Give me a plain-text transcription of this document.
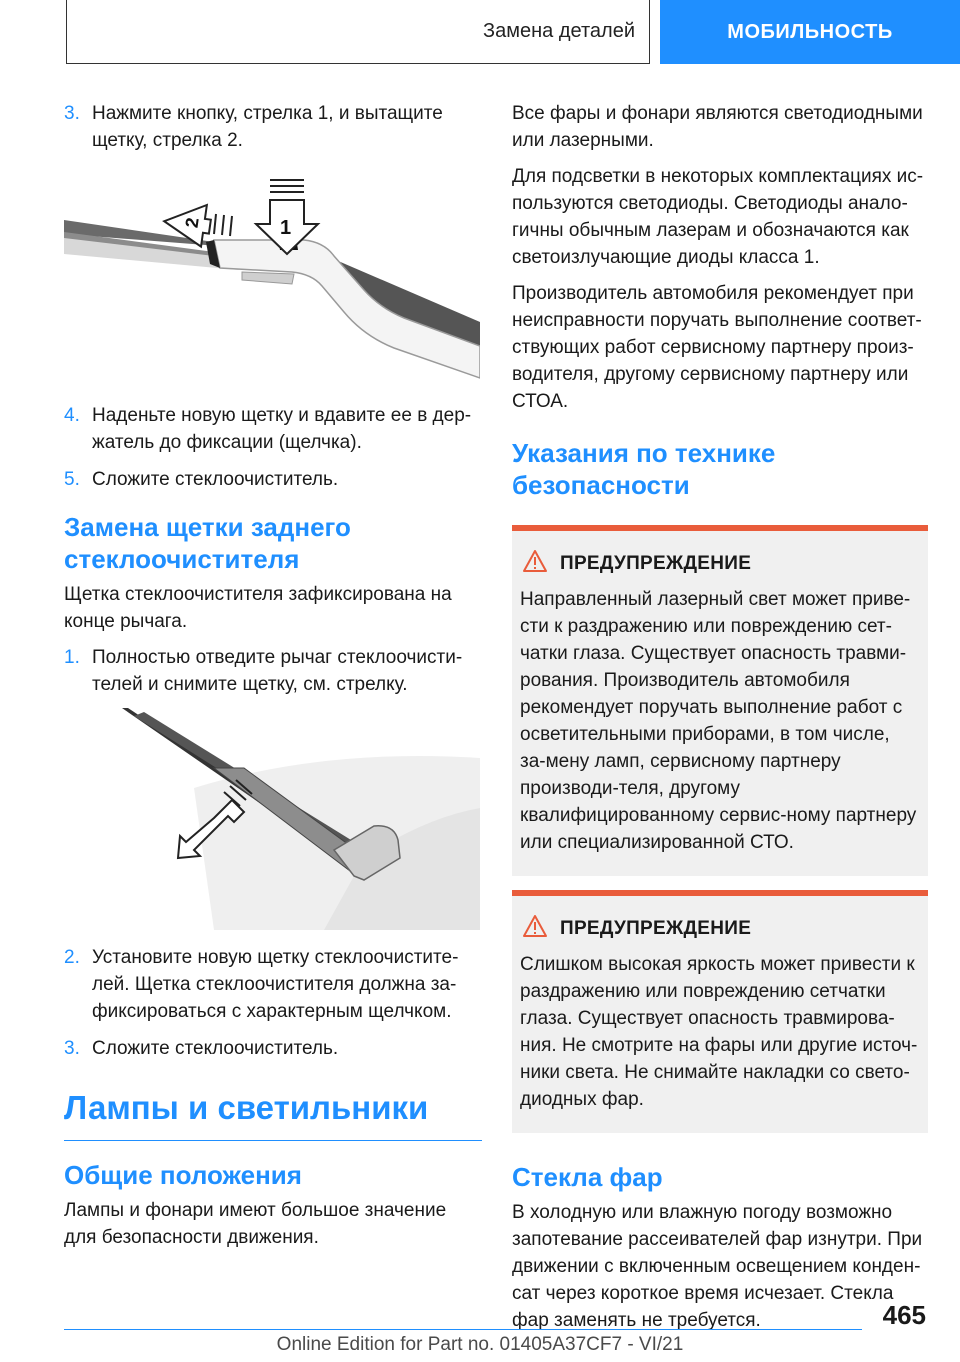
Замена деталей	МОБИЛЬНОСТЬ
3. Нажмите кнопку, стрелка 1, и вытащите щетку, стрелка 2.
1
2
4. Наденьте новую щетку и вдавите ее в дер‐жатель до фиксации (щелчка).
5. Сложите стеклоочиститель.
Замена щетки заднего стеклоочистителя

Щетка стеклоочистителя зафиксирована на конце рычага.

1. Полностью отведите рычаг стеклоочисти‐телей и снимите щетку, см. стрелку.
2. Установите новую щетку стеклоочистите‐лей. Щетка стеклоочистителя должна за‐фиксироваться с характерным щелчком.
3. Сложите стеклоочиститель.
Лампы и светильники
Общие положения

Лампы и фонари имеют большое значение для безопасности движения.

Все фары и фонари являются светодиодными или лазерными.

Для подсветки в некоторых комплектациях ис‐пользуются светодиоды. Светодиоды анало‐гичны обычным лазерам и обозначаются как светоизлучающие диоды класса 1.

Производитель автомобиля рекомендует при неисправности поручать выполнение соответ‐ствующих работ сервисному партнеру произ‐водителя, другому сервисному партнеру или СТОА.

Указания по технике безопасности
ПРЕДУПРЕЖДЕНИЕ

Направленный лазерный свет может приве‐сти к раздражению или повреждению сет‐чатки глаза. Существует опасность травми‐рования. Производитель автомобиля рекомендует поручать выполнение работ с осветительными приборами, в том числе, за‐мену ламп, сервисному партнеру производи‐теля, другому квалифицированному сервис‐ному партнеру или специализированной СТО.

ПРЕДУПРЕЖДЕНИЕ

Слишком высокая яркость может привести к раздражению или повреждению сетчатки глаза. Существует опасность травмирова‐ния. Не смотрите на фары или другие источ‐ники света. Не снимайте накладки со свето‐диодных фар.

Стекла фар

В холодную или влажную погоду возможно запотевание рассеивателей фар изнутри. При движении с включенным освещением конден‐сат через короткое время исчезает. Стекла фар заменять не требуется.	465
Online Edition for Part no. 01405A37CF7 - VI/21
